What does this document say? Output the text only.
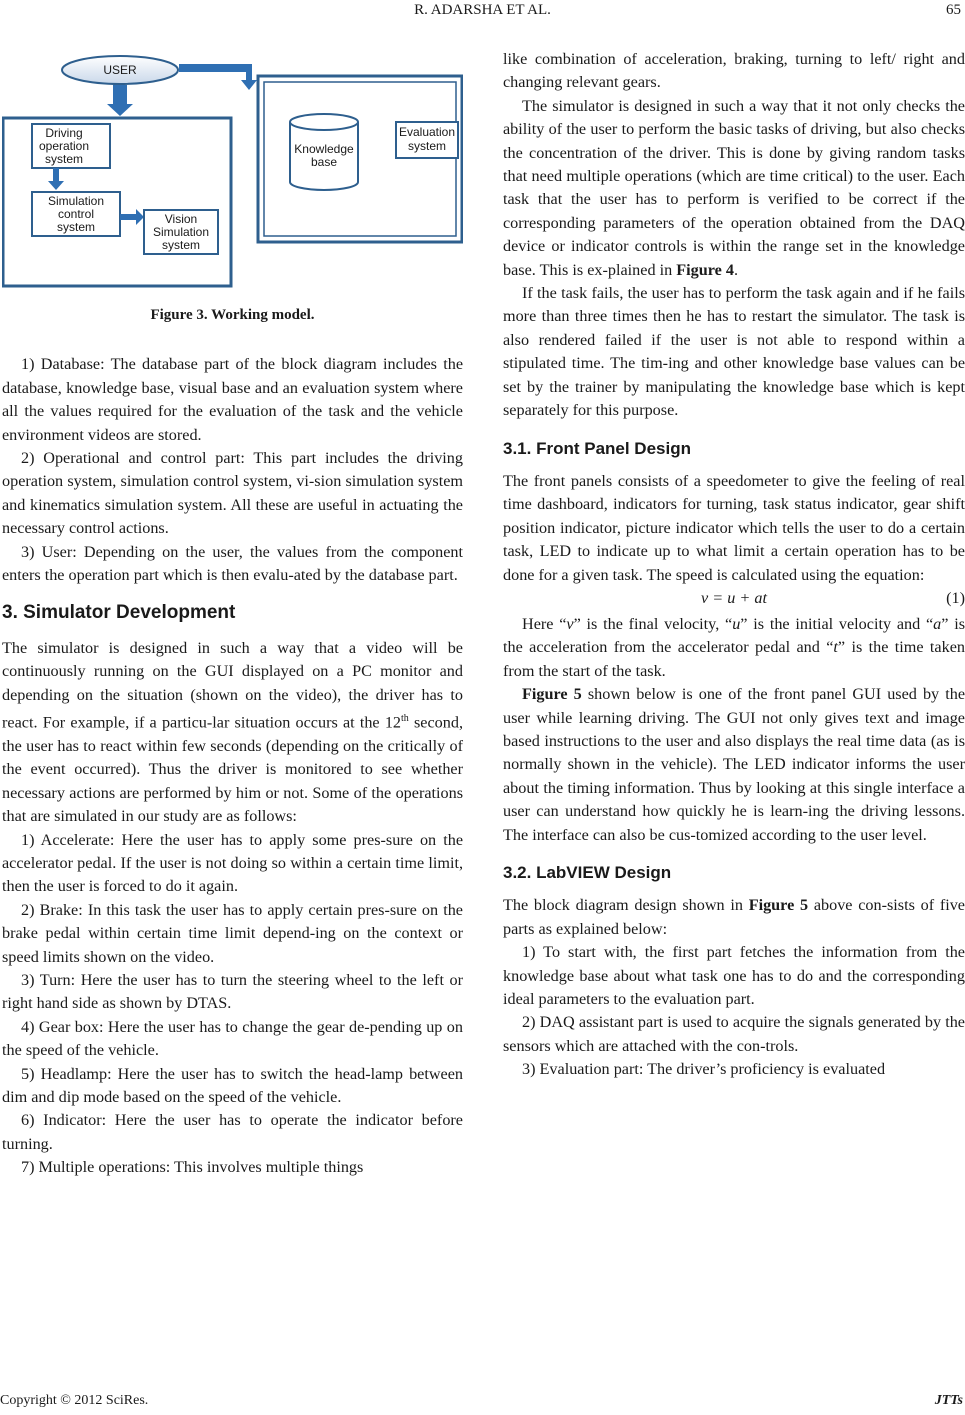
R. ADARSHA ET AL.	65
USER
Driving
operation
system
Simulation
control
system
Vision
Simulation
system
Knowledge
base
Evaluation
system
Figure 3. Working model.

1) Database: The database part of the block diagram includes the database, knowledge base, visual base and an evaluation system where all the values required for the evaluation of the task and the vehicle environment videos are stored.

2) Operational and control part: This part includes the driving operation system, simulation control system, vi-sion simulation system and kinematics simulation system. All these are useful in actuating the necessary control actions.

3) User: Depending on the user, the values from the component enters the operation part which is then evalu-ated by the database part.

3. Simulator Development

The simulator is designed in such a way that a video will be continuously running on the GUI displayed on a PC monitor and depending on the situation (shown on the video), the driver has to react. For example, if a particu-lar situation occurs at the 12th second, the user has to react within few seconds (depending on the critically of the event occurred). Thus the driver is monitored to see whether necessary actions are performed by him or not. Some of the operations that are simulated in our study are as follows:

1) Accelerate: Here the user has to apply some pres-sure on the accelerator pedal. If the user is not doing so within a certain time limit, then the user is forced to do it again.

2) Brake: In this task the user has to apply certain pres-sure on the brake pedal within certain time limit depend-ing on the context or speed limits shown on the video.

3) Turn: Here the user has to turn the steering wheel to the left or right hand side as shown by DTAS.

4) Gear box: Here the user has to change the gear de-pending up on the speed of the vehicle.

5) Headlamp: Here the user has to switch the head-lamp between dim and dip mode based on the speed of the vehicle.

6) Indicator: Here the user has to operate the indicator before turning.

7) Multiple operations: This involves multiple things

like combination of acceleration, braking, turning to left/ right and changing relevant gears.

The simulator is designed in such a way that it not only checks the ability of the user to perform the basic tasks of driving, but also checks the concentration of the driver. This is done by giving random tasks that need multiple operations (which are time critical) to the user. Each task that the user has to perform is verified to be correct if the corresponding parameters of the operation obtained from the DAQ device or indicator controls is within the range set in the knowledge base. This is ex-plained in Figure 4.

If the task fails, the user has to perform the task again and if he fails more than three times then he has to restart the simulator. The task is also rendered failed if the user is not able to respond within a stipulated time. The tim-ing and other knowledge base values can be set by the trainer by manipulating the knowledge base which is kept separately for this purpose.

3.1. Front Panel Design

The front panels consists of a speedometer to give the feeling of real time dashboard, indicators for turning, task status indicator, gear shift position indicator, picture indicator which tells the user to do a certain task, LED to indicate up to what limit a certain operation has to be done for a given task. The speed is calculated using the equation:

v = u + at	(1)

Here “v” is the final velocity, “u” is the initial velocity and “a” is the acceleration from the accelerator pedal and “t” is the time taken from the start of the task.

Figure 5 shown below is one of the front panel GUI used by the user while learning driving. The GUI not only gives text and image based instructions to the user and also displays the real time data (as is normally shown in the vehicle). The LED indicator informs the user about the timing information. Thus by looking at this single interface a user can understand how quickly he is learn-ing the driving lessons. The interface can also be cus-tomized according to the user level.

3.2. LabVIEW Design

The block diagram design shown in Figure 5 above con-sists of five parts as explained below:

1) To start with, the first part fetches the information from the knowledge base about what task one has to do and the corresponding ideal parameters to the evaluation part.

2) DAQ assistant part is used to acquire the signals generated by the sensors which are attached with the con-trols.

3) Evaluation part: The driver’s proficiency is evaluated

Copyright © 2012 SciRes.	JTTs
